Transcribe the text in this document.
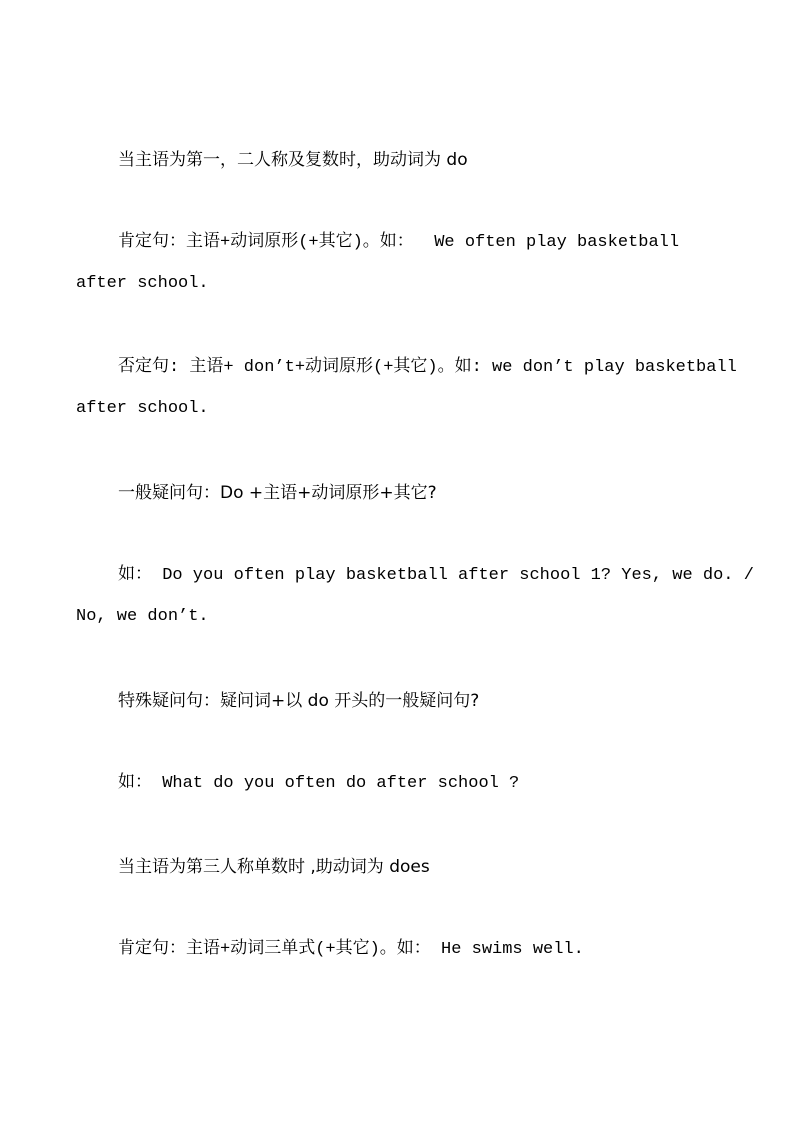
当主语为第一，二人称及复数时，助动词为 do
肯定句：主语+动词原形(+其它)。如：  We often play basketball
after school.
否定句: 主语+ don’t+动词原形(+其它)。如: we don’t play basketball
after school.
一般疑问句：Do +主语+动词原形+其它?
如： Do you often play basketball after school 1? Yes, we do. /
No, we don’t.
特殊疑问句：疑问词+以 do 开头的一般疑问句?
如： What do you often do after school ?
当主语为第三人称单数时 ,助动词为 does
肯定句：主语+动词三单式(+其它)。如： He swims well.
